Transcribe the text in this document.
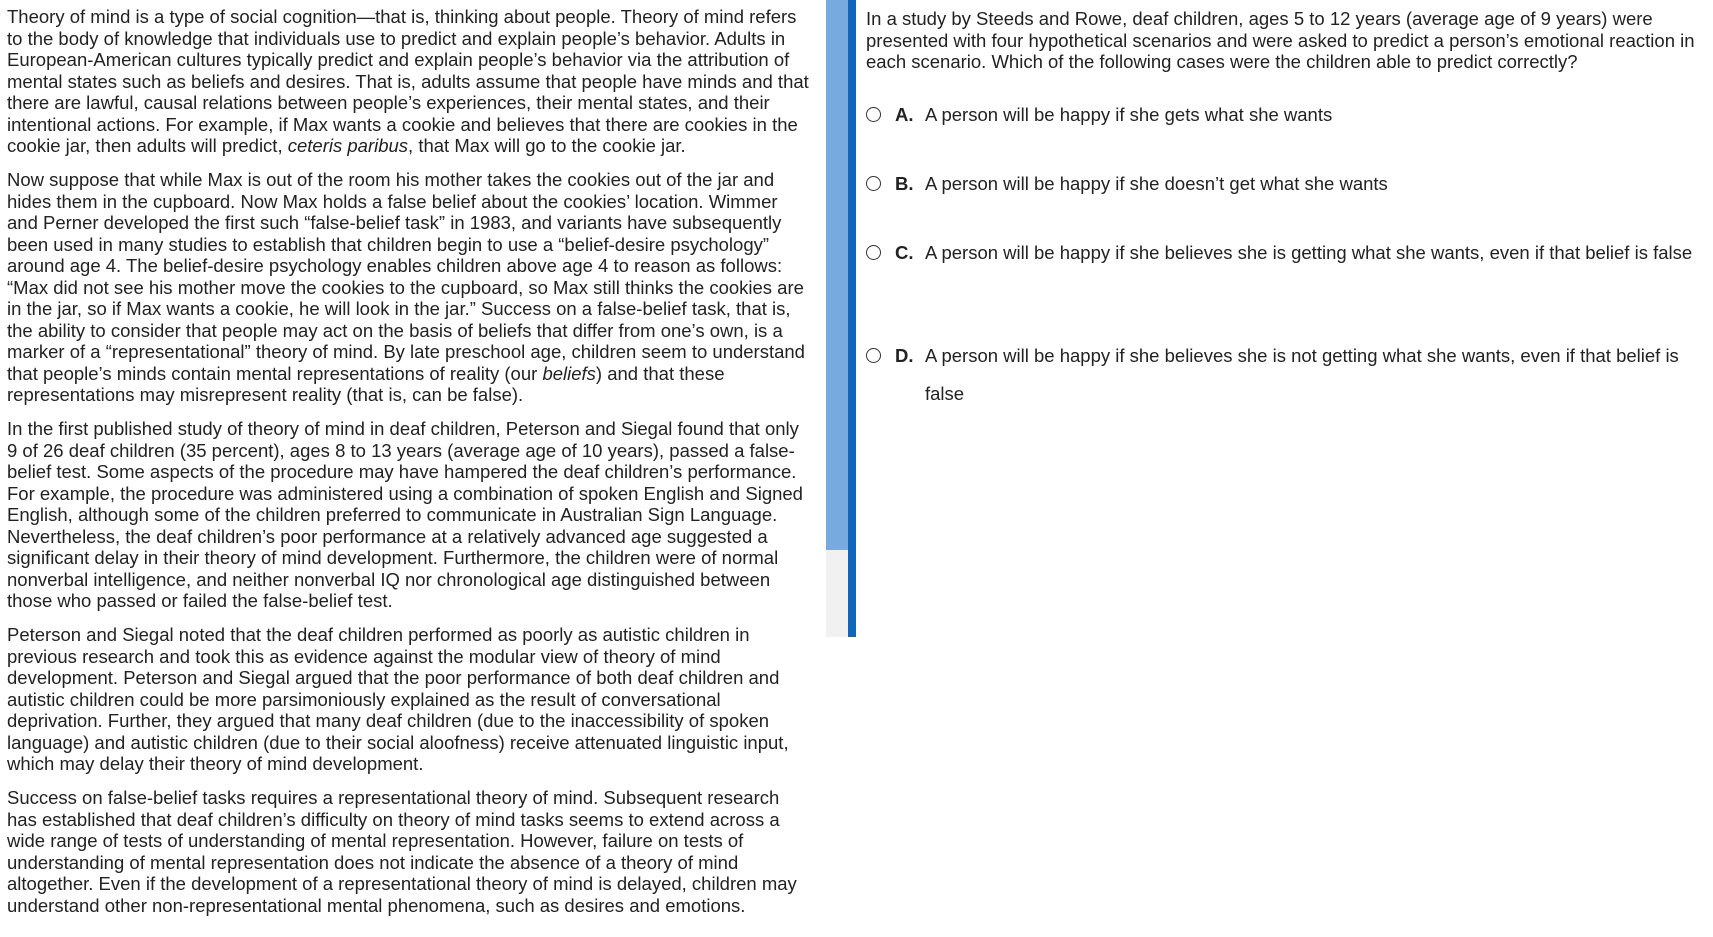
Theory of mind is a type of social cognition—that is, thinking about people. Theory of mind refers to the body of knowledge that individuals use to predict and explain people’s behavior. Adults in European-American cultures typically predict and explain people’s behavior via the attribution of mental states such as beliefs and desires. That is, adults assume that people have minds and that there are lawful, causal relations between people’s experiences, their mental states, and their intentional actions. For example, if Max wants a cookie and believes that there are cookies in the cookie jar, then adults will predict, ceteris paribus, that Max will go to the cookie jar.

Now suppose that while Max is out of the room his mother takes the cookies out of the jar and hides them in the cupboard. Now Max holds a false belief about the cookies’ location. Wimmer and Perner developed the first such “false-belief task” in 1983, and variants have subsequently been used in many studies to establish that children begin to use a “belief-desire psychology” around age 4. The belief-desire psychology enables children above age 4 to reason as follows: “Max did not see his mother move the cookies to the cupboard, so Max still thinks the cookies are in the jar, so if Max wants a cookie, he will look in the jar.” Success on a false-belief task, that is, the ability to consider that people may act on the basis of beliefs that differ from one’s own, is a marker of a “representational” theory of mind. By late preschool age, children seem to understand that people’s minds contain mental representations of reality (our beliefs) and that these representations may misrepresent reality (that is, can be false).

In the first published study of theory of mind in deaf children, Peterson and Siegal found that only 9 of 26 deaf children (35 percent), ages 8 to 13 years (average age of 10 years), passed a false-belief test. Some aspects of the procedure may have hampered the deaf children’s performance. For example, the procedure was administered using a combination of spoken English and Signed English, although some of the children preferred to communicate in Australian Sign Language. Nevertheless, the deaf children’s poor performance at a relatively advanced age suggested a significant delay in their theory of mind development. Furthermore, the children were of normal nonverbal intelligence, and neither nonverbal IQ nor chronological age distinguished between those who passed or failed the false-belief test.

Peterson and Siegal noted that the deaf children performed as poorly as autistic children in previous research and took this as evidence against the modular view of theory of mind development. Peterson and Siegal argued that the poor performance of both deaf children and autistic children could be more parsimoniously explained as the result of conversational deprivation. Further, they argued that many deaf children (due to the inaccessibility of spoken language) and autistic children (due to their social aloofness) receive attenuated linguistic input, which may delay their theory of mind development.

Success on false-belief tasks requires a representational theory of mind. Subsequent research has established that deaf children’s difficulty on theory of mind tasks seems to extend across a wide range of tests of understanding of mental representation. However, failure on tests of understanding of mental representation does not indicate the absence of a theory of mind altogether. Even if the development of a representational theory of mind is delayed, children may understand other non-representational mental phenomena, such as desires and emotions.

In a study by Steeds and Rowe, deaf children, ages 5 to 12 years (average age of 9 years) were presented with four hypothetical scenarios and were asked to predict a person’s emotional reaction in each scenario. Which of the following cases were the children able to predict correctly?

A. A person will be happy if she gets what she wants
B. A person will be happy if she doesn’t get what she wants
C. A person will be happy if she believes she is getting what she wants, even if that belief is false
D. A person will be happy if she believes she is not getting what she wants, even if that belief is false
